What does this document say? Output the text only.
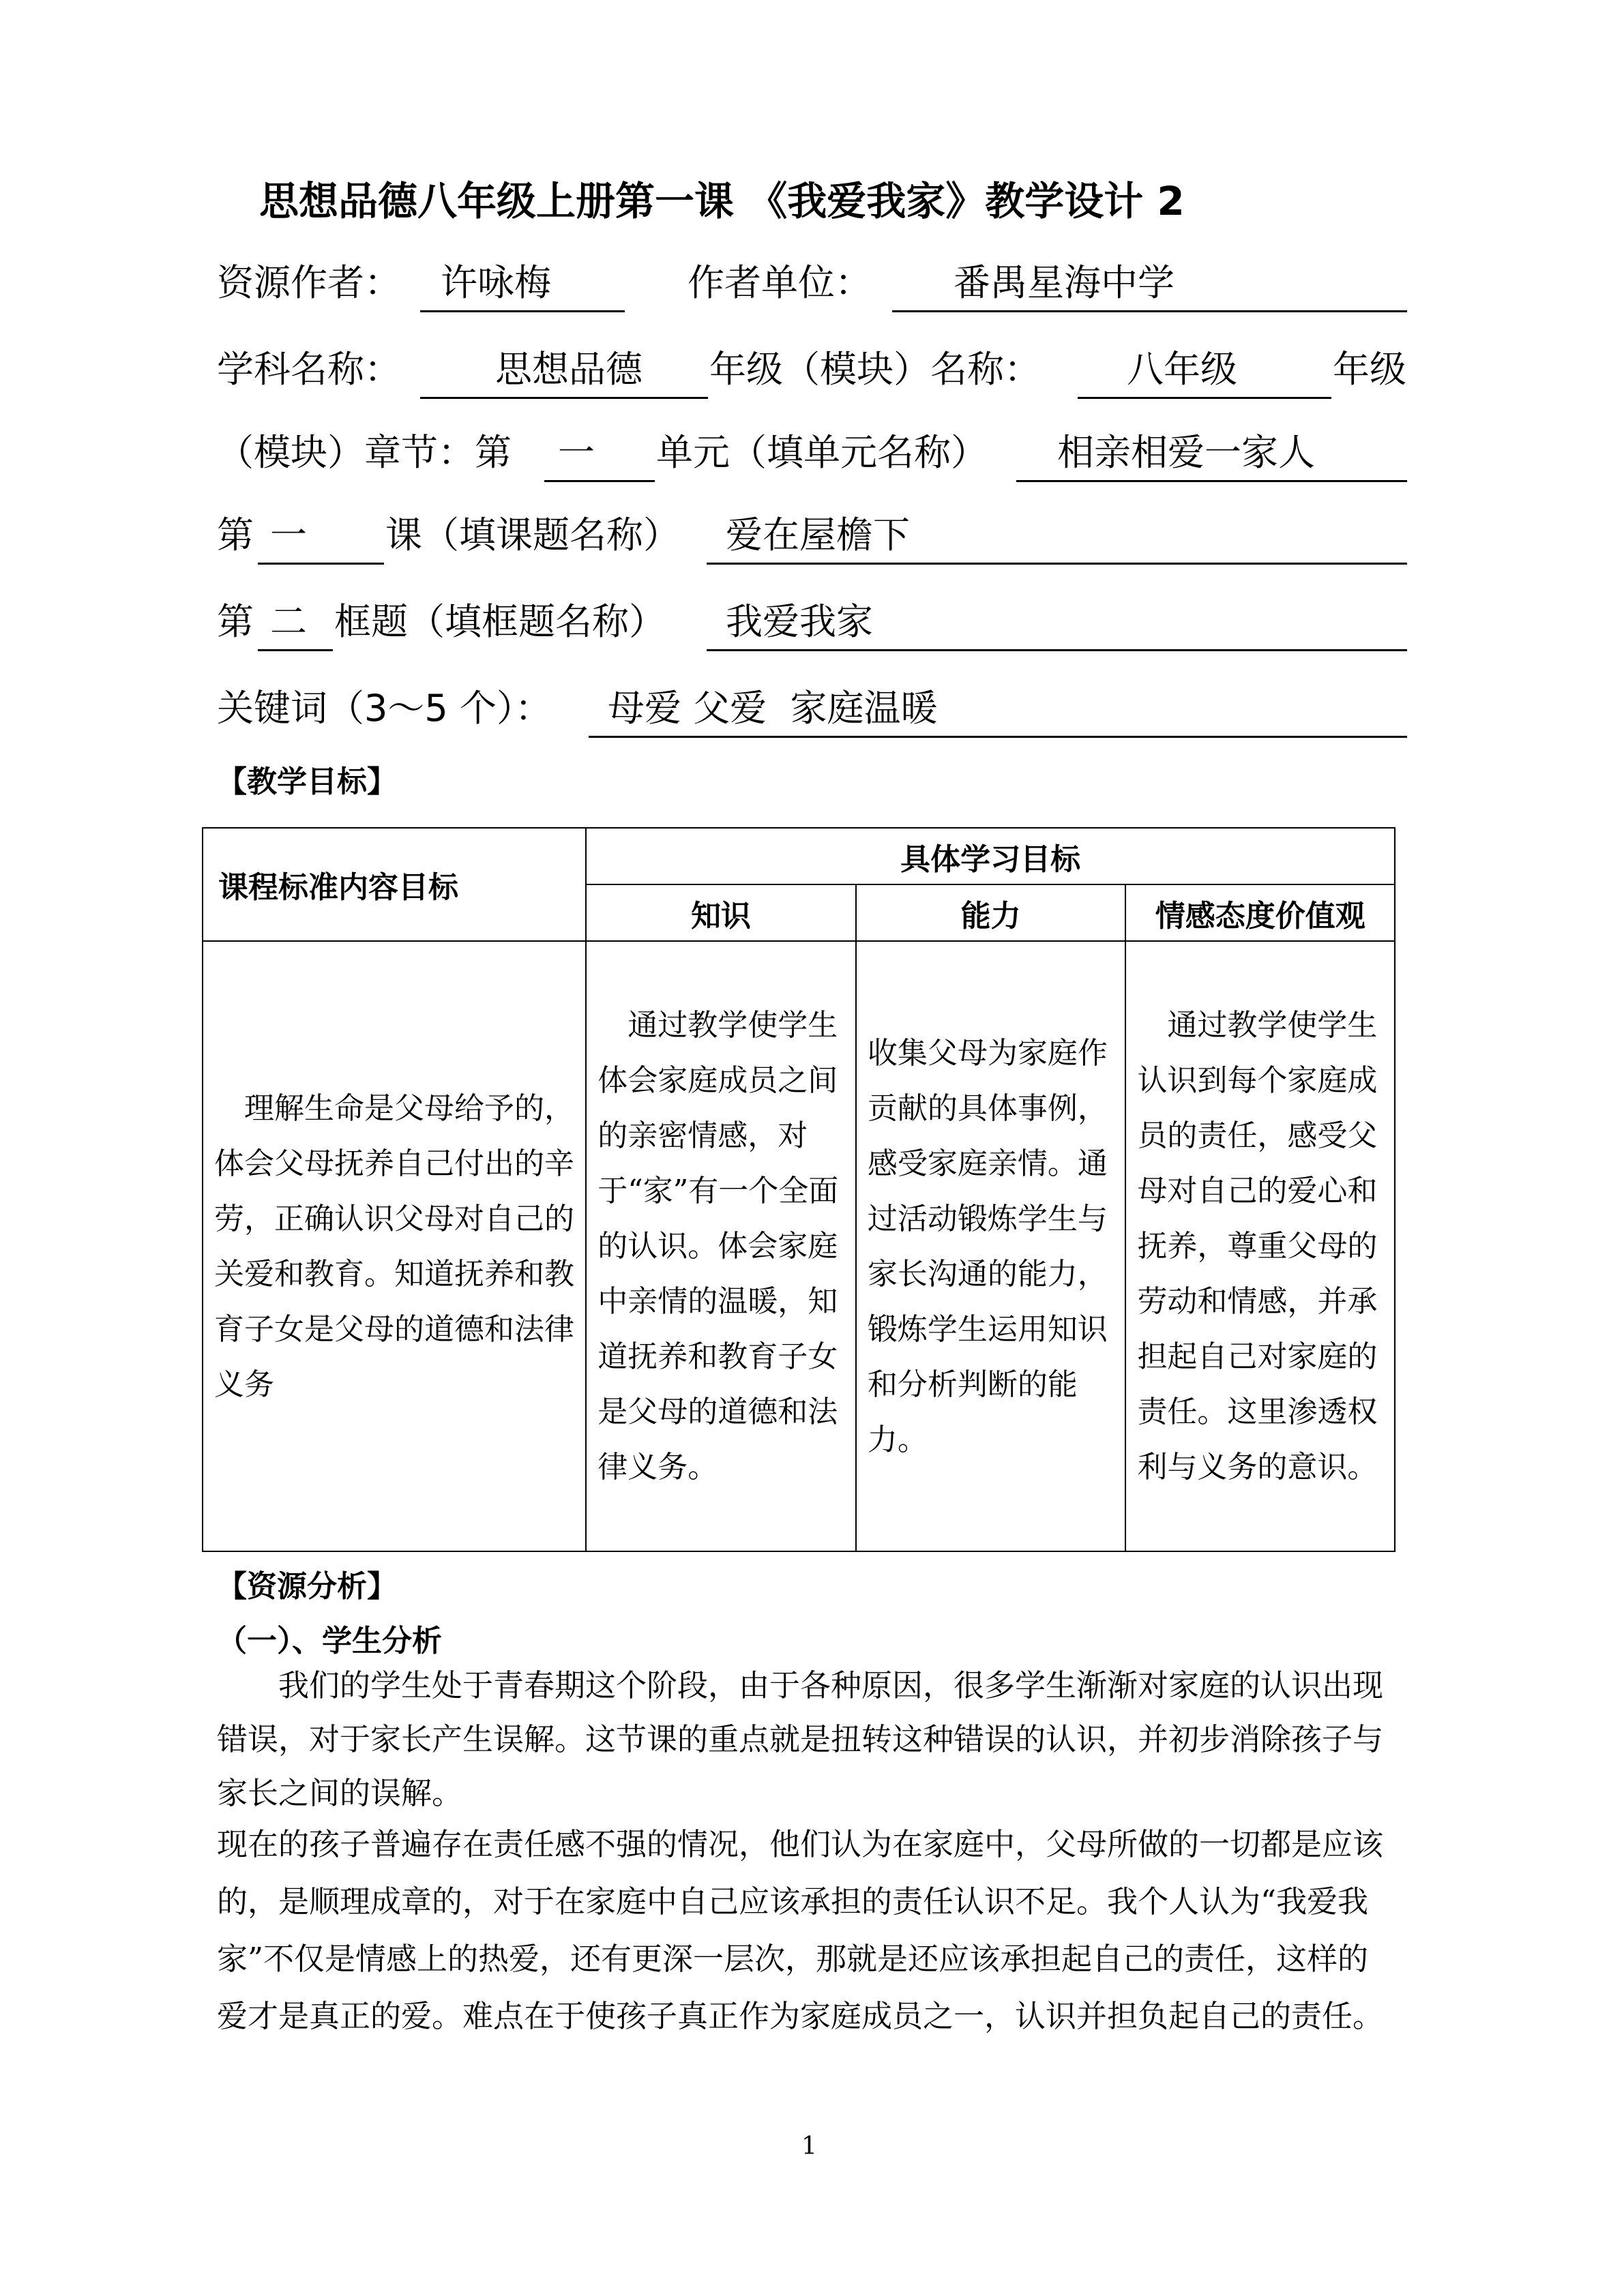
思想品德八年级上册第一课 《我爱我家》教学设计 2
资源作者：	许咏梅	作者单位：	番禺星海中学
学科名称：	思想品德	年级（模块）名称：	八年级	年级
（模块）章节：第	一	单元（填单元名称）	相亲相爱一家人
第 一	课（填课题名称）	爱在屋檐下
第 二 框题（填框题名称）	我爱我家
关键词（3～5 个）：	母爱 父爱  家庭温暖
【教学目标】
课程标准内容目标	具体学习目标		
	知识	能力	情感态度价值观

　理解生命是父母给予的，体会父母抚养自己付出的辛劳，正确认识父母对自己的关爱和教育。知道抚养和教育子女是父母的道德和法律义务	　通过教学使学生体会家庭成员之间的亲密情感，对于“家”有一个全面的认识。体会家庭中亲情的温暖，知道抚养和教育子女是父母的道德和法律义务。	收集父母为家庭作贡献的具体事例，感受家庭亲情。通过活动锻炼学生与家长沟通的能力，锻炼学生运用知识和分析判断的能力。	　通过教学使学生认识到每个家庭成员的责任，感受父母对自己的爱心和抚养，尊重父母的劳动和情感，并承担起自己对家庭的责任。这里渗透权利与义务的意识。
【资源分析】
（一）、学生分析
　　我们的学生处于青春期这个阶段，由于各种原因，很多学生渐渐对家庭的认识出现错误，对于家长产生误解。这节课的重点就是扭转这种错误的认识，并初步消除孩子与家长之间的误解。
现在的孩子普遍存在责任感不强的情况，他们认为在家庭中，父母所做的一切都是应该的，是顺理成章的，对于在家庭中自己应该承担的责任认识不足。我个人认为“我爱我家”不仅是情感上的热爱，还有更深一层次，那就是还应该承担起自己的责任，这样的爱才是真正的爱。难点在于使孩子真正作为家庭成员之一，认识并担负起自己的责任。
1
